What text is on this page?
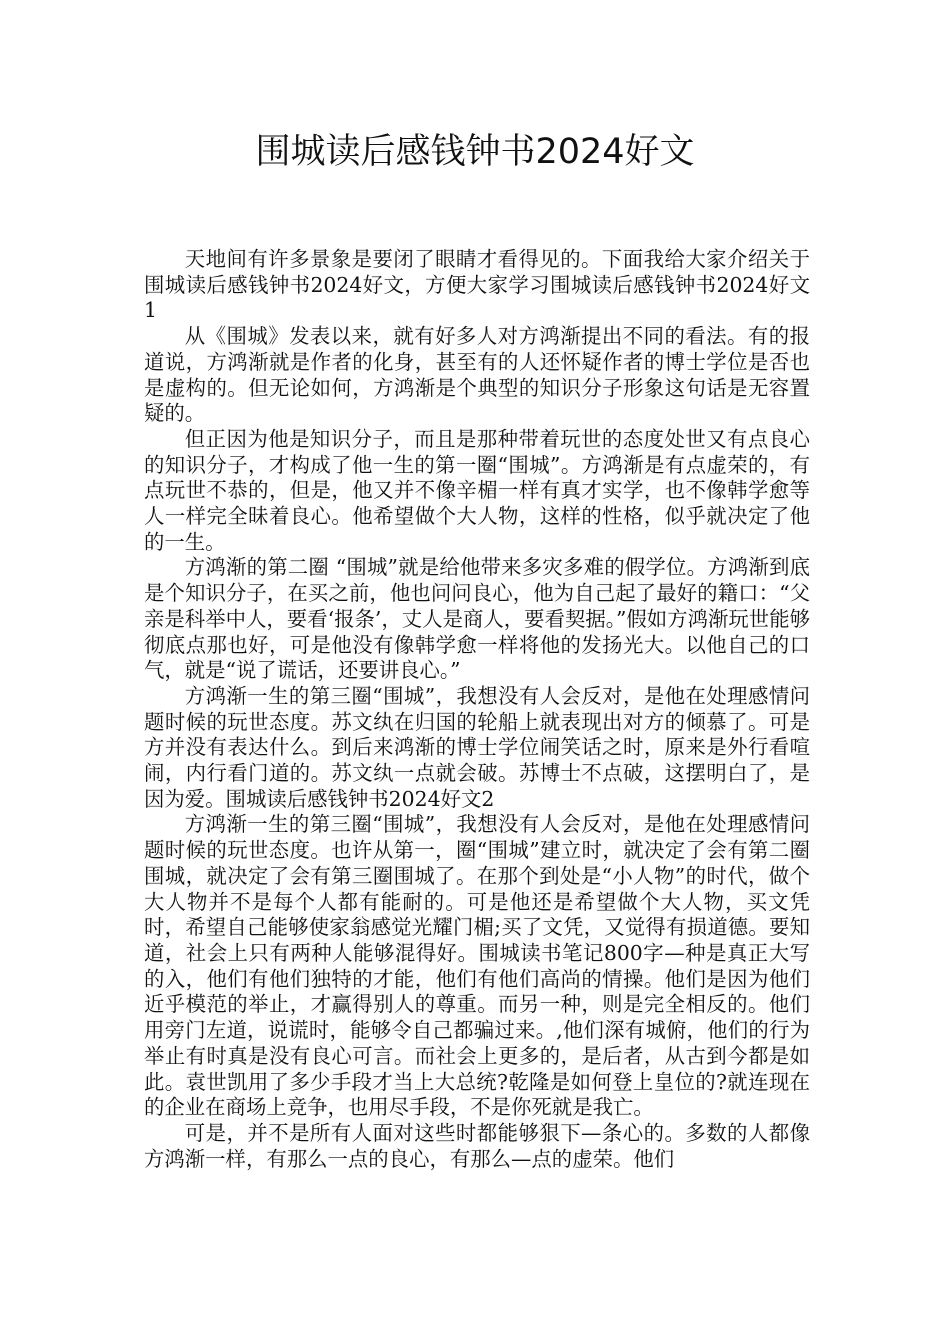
围城读后感钱钟书2024好文

天地间有许多景象是要闭了眼睛才看得见的。下面我给大家介绍关于围城读后感钱钟书2024好文，方便大家学习围城读后感钱钟书2024好文1

从《围城》发表以来，就有好多人对方鸿渐提出不同的看法。有的报道说，方鸿渐就是作者的化身，甚至有的人还怀疑作者的博士学位是否也是虚构的。但无论如何，方鸿渐是个典型的知识分子形象这句话是无容置疑的。

但正因为他是知识分子，而且是那种带着玩世的态度处世又有点良心的知识分子，才构成了他一生的第一圈“围城”。方鸿渐是有点虚荣的，有点玩世不恭的，但是，他又并不像辛楣一样有真才实学，也不像韩学愈等人一样完全昧着良心。他希望做个大人物，这样的性格，似乎就决定了他的一生。

方鸿渐的第二圈 “围城”就是给他带来多灾多难的假学位。方鸿渐到底是个知识分子，在买之前，他也问问良心，他为自己起了最好的籍口：“父亲是科举中人，要看‘报条’，丈人是商人，要看契据。”假如方鸿渐玩世能够彻底点那也好，可是他没有像韩学愈一样将他的发扬光大。以他自己的口气，就是“说了谎话，还要讲良心。”

方鸿渐一生的第三圈“围城”，我想没有人会反对，是他在处理感情问题时候的玩世态度。苏文纨在归国的轮船上就表现出对方的倾慕了。可是方并没有表达什么。到后来鸿渐的博士学位闹笑话之时，原来是外行看喧闹，内行看门道的。苏文纨一点就会破。苏博士不点破，这摆明白了，是因为爱。围城读后感钱钟书2024好文2

方鸿渐一生的第三圈“围城”，我想没有人会反对，是他在处理感情问题时候的玩世态度。也许从第一，圈“围城”建立时，就决定了会有第二圈围城，就决定了会有第三圈围城了。在那个到处是“小人物”的时代，做个大人物并不是每个人都有能耐的。可是他还是希望做个大人物，买文凭时，希望自己能够使家翁感觉光耀门楣;买了文凭，又觉得有损道德。要知道，社会上只有两种人能够混得好。围城读书笔记800字—种是真正大写的入，他们有他们独特的才能，他们有他们高尚的情操。他们是因为他们近乎模范的举止，才赢得别人的尊重。而另一种，则是完全相反的。他们用旁门左道，说谎时，能够令自己都骗过来。,他们深有城俯，他们的行为举止有时真是没有良心可言。而社会上更多的，是后者，从古到今都是如此。袁世凯用了多少手段才当上大总统?乾隆是如何登上皇位的?就连现在的企业在商场上竞争，也用尽手段，不是你死就是我亡。

可是，并不是所有人面对这些时都能够狠下—条心的。多数的人都像方鸿渐一样，有那么一点的良心，有那么—点的虚荣。他们
